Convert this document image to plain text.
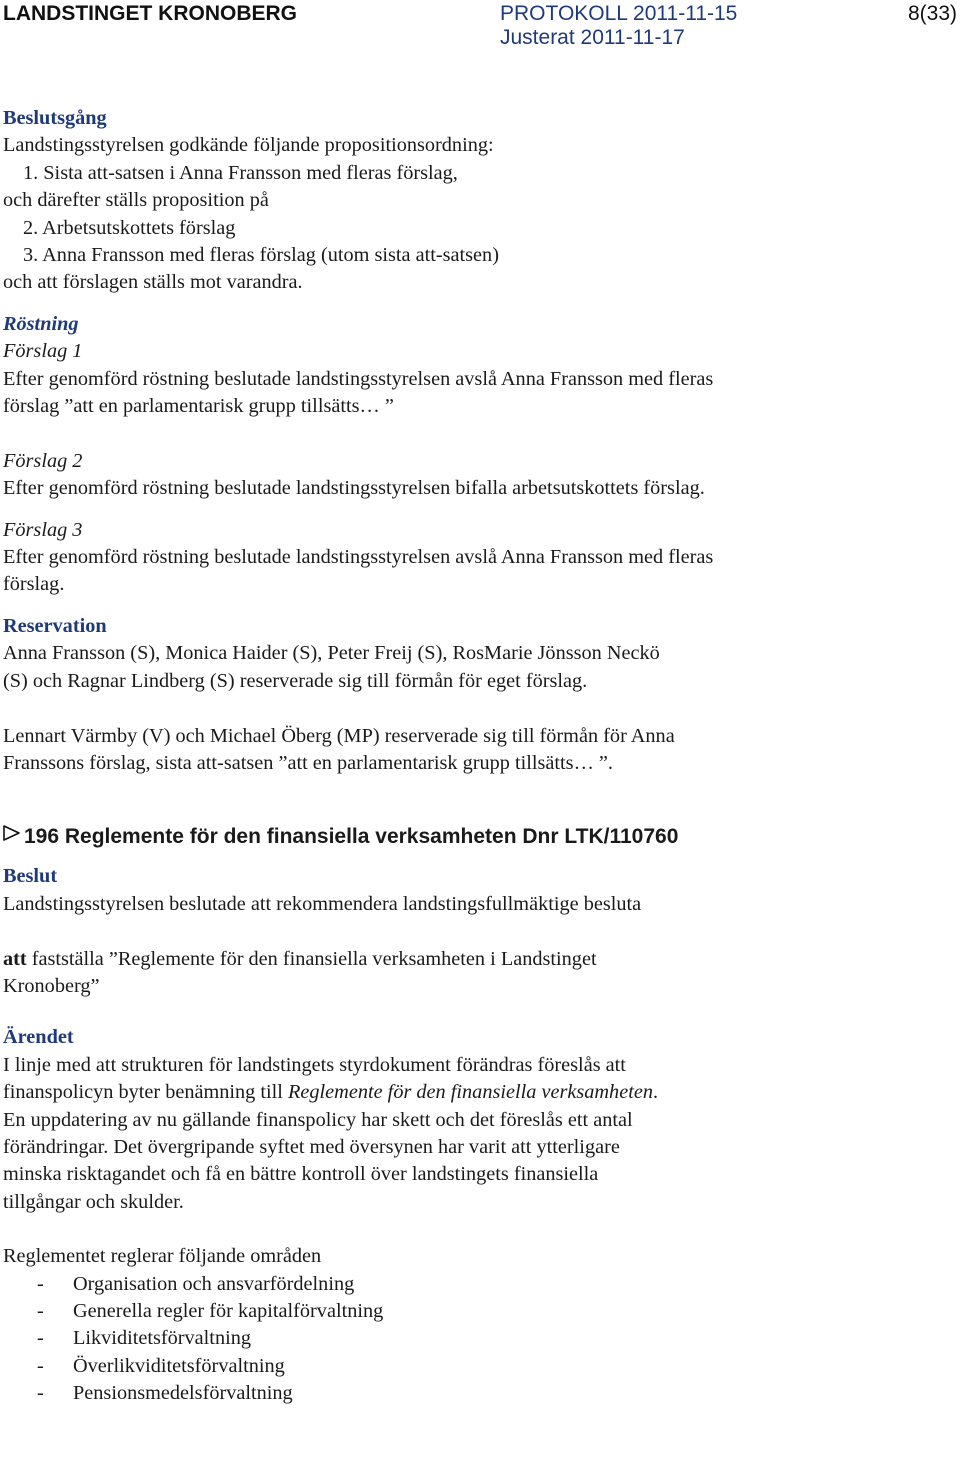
LANDSTINGET KRONOBERG	PROTOKOLL 2011-11-15	8(33)
Justerat 2011-11-17
Beslutsgång
Landstingsstyrelsen godkände följande propositionsordning:
1. Sista att-satsen i Anna Fransson med fleras förslag,
och därefter ställs proposition på
2. Arbetsutskottets förslag
3. Anna Fransson med fleras förslag (utom sista att-satsen)
och att förslagen ställs mot varandra.
Röstning
Förslag 1
Efter genomförd röstning beslutade landstingsstyrelsen avslå Anna Fransson med fleras
förslag ”att en parlamentarisk grupp tillsätts… ”
Förslag 2
Efter genomförd röstning beslutade landstingsstyrelsen bifalla arbetsutskottets förslag.
Förslag 3
Efter genomförd röstning beslutade landstingsstyrelsen avslå Anna Fransson med fleras
förslag.
Reservation
Anna Fransson (S), Monica Haider (S), Peter Freij (S), RosMarie Jönsson Neckö
(S) och Ragnar Lindberg (S) reserverade sig till förmån för eget förslag.
Lennart Värmby (V) och Michael Öberg (MP) reserverade sig till förmån för Anna
Franssons förslag, sista att-satsen ”att en parlamentarisk grupp tillsätts… ”.
196 Reglemente för den finansiella verksamheten Dnr LTK/110760
Beslut
Landstingsstyrelsen beslutade att rekommendera landstingsfullmäktige besluta
att fastställa ”Reglemente för den finansiella verksamheten i Landstinget
Kronoberg”
Ärendet
I linje med att strukturen för landstingets styrdokument förändras föreslås att
finanspolicyn byter benämning till Reglemente för den finansiella verksamheten.
En uppdatering av nu gällande finanspolicy har skett och det föreslås ett antal
förändringar. Det övergripande syftet med översynen har varit att ytterligare
minska risktagandet och få en bättre kontroll över landstingets finansiella
tillgångar och skulder.
Reglementet reglerar följande områden
- Organisation och ansvarfördelning
- Generella regler för kapitalförvaltning
- Likviditetsförvaltning
- Överlikviditetsförvaltning
- Pensionsmedelsförvaltning
